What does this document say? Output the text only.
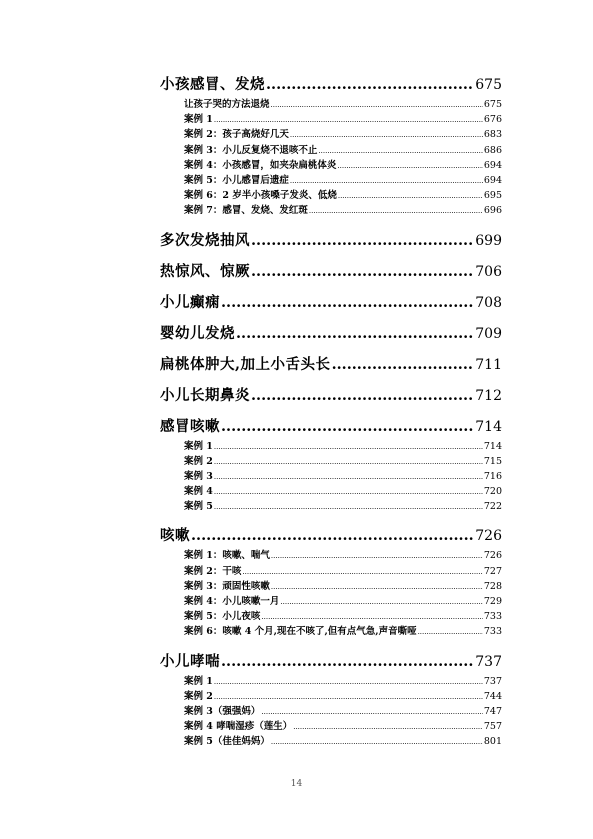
小孩感冒、发烧 .....	675
让孩子哭的方法退烧 .....	675
案例 1 .....	676
案例 2：孩子高烧好几天 .....	683
案例 3：小儿反复烧不退咳不止 .....	686
案例 4：小孩感冒，如夹杂扁桃体炎 .....	694
案例 5：小儿感冒后遗症 .....	694
案例 6：2 岁半小孩嗓子发炎、低烧 .....	695
案例 7：感冒、发烧、发红斑 .....	696
多次发烧抽风 .....	699
热惊风、惊厥 .....	706
小儿癫痫 .....	708
婴幼儿发烧 .....	709
扁桃体肿大,加上小舌头长 .....	711
小儿长期鼻炎 .....	712
感冒咳嗽 .....	714
案例 1 .....	714
案例 2 .....	715
案例 3 .....	716
案例 4 .....	720
案例 5 .....	722
咳嗽 .....	726
案例 1：咳嗽、喘气 .....	726
案例 2：干咳 .....	727
案例 3：顽固性咳嗽 .....	728
案例 4：小儿咳嗽一月 .....	729
案例 5：小儿夜咳 .....	733
案例 6：咳嗽 4 个月,现在不咳了,但有点气急,声音嘶哑 .....	733
小儿哮喘 .....	737
案例 1 .....	737
案例 2 .....	744
案例 3（强强妈） .....	747
案例 4 哮喘湿疹（莲生） .....	757
案例 5（佳佳妈妈） .....	801
14
